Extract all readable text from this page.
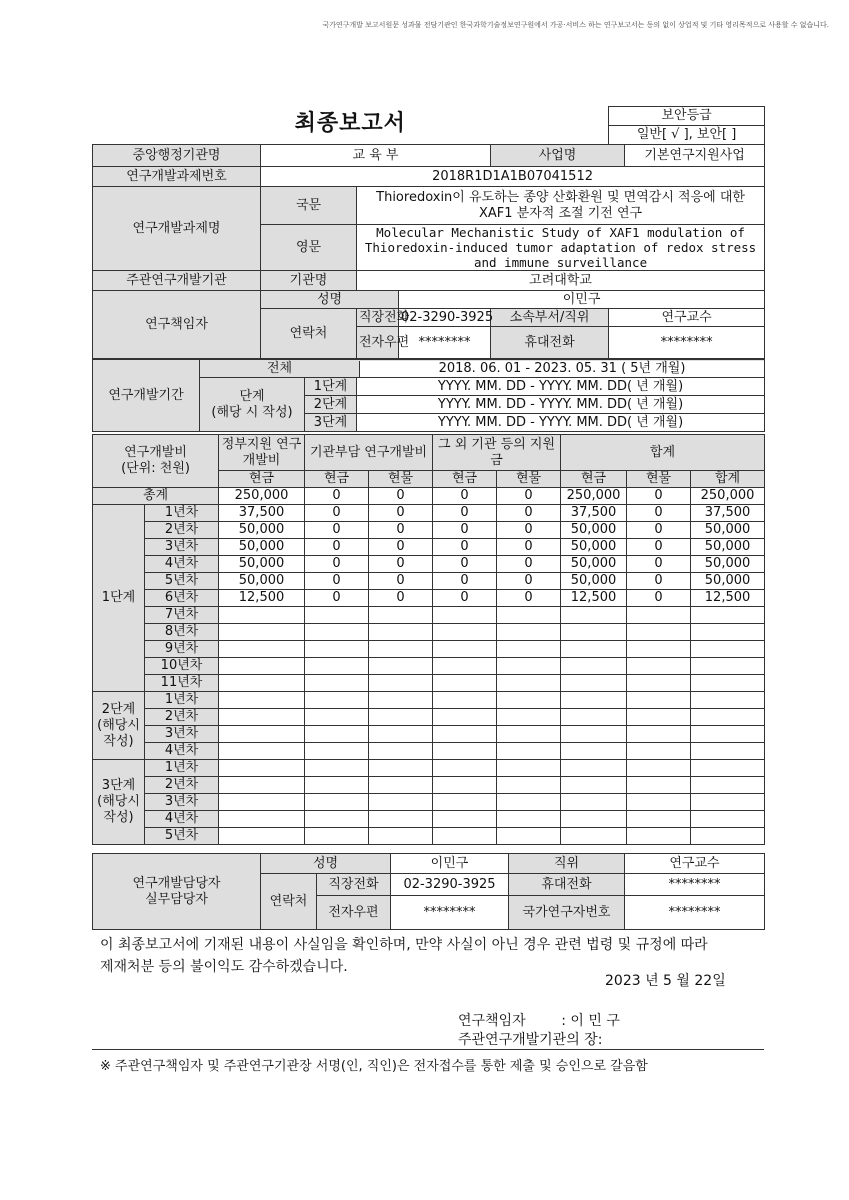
국가연구개발 보고서원문 성과물 전담기관인 한국과학기술정보연구원에서 가공·서비스 하는 연구보고서는 동의 없이 상업적 및 기타 영리목적으로 사용할 수 없습니다.
최종보고서					보안등급	
					일반[ √ ], 보안[ ]	
중앙행정기관명	교 육 부			사업명		기본연구지원사업
연구개발과제번호	2018R1D1A1B07041512					
연구개발과제명	국문	Thioredoxin이 유도하는 종양 산화환원 및 면역감시 적응에 대한 XAF1 분자적 조절 기전 연구				
	영문	Molecular Mechanistic Study of XAF1 modulation of Thioredoxin-induced tumor adaptation of redox stress and immune surveillance				
주관연구개발기관	기관명	고려대학교				
연구책임자	성명		이민구			
	연락처	직장전화	02-3290-3925	소속부서/직위	연구교수	
		전자우편	********	휴대전화	********	
연구개발기간	
전체	2018. 06. 01 - 2023. 05. 31 ( 5년 개월)

단계
(해당 시 작성)	1단계	YYYY. MM. DD - YYYY. MM. DD( 년 개월)
2단계	YYYY. MM. DD - YYYY. MM. DD( 년 개월)
3단계	YYYY. MM. DD - YYYY. MM. DD( 년 개월)
연구개발비
(단위: 천원)		정부지원 연구개발비	기관부담 연구개발비		그 외 기관 등의 지원금		합계		
		현금	현금	현물	현금	현물	현금	현물	합계
총계		250,000	0	0	0	0	250,000	0	250,000
1단계	1년차	37,500	0	0	0	0	37,500	0	37,500
	2년차	50,000	0	0	0	0	50,000	0	50,000
	3년차	50,000	0	0	0	0	50,000	0	50,000
	4년차	50,000	0	0	0	0	50,000	0	50,000
	5년차	50,000	0	0	0	0	50,000	0	50,000
	6년차	12,500	0	0	0	0	12,500	0	12,500
	7년차								
	8년차								
	9년차								
	10년차								
	11년차								
2단계
(해당시
작성)	1년차								
	2년차								
	3년차								
	4년차								
3단계
(해당시
작성)	1년차								
	2년차								
	3년차								
	4년차								
	5년차								
연구개발담당자
실무담당자	성명		이민구	직위	연구교수
	연락처	직장전화	02-3290-3925	휴대전화	********
		전자우편	********	국가연구자번호	********
이 최종보고서에 기재된 내용이 사실임을 확인하며, 만약 사실이 아닌 경우 관련 법령 및 규정에 따라 제재처분 등의 불이익도 감수하겠습니다.
2023 년 5 월 22일
연구책임자        : 이 민 구
주관연구개발기관의 장:
※ 주관연구책임자 및 주관연구기관장 서명(인, 직인)은 전자접수를 통한 제출 및 승인으로 갈음함
